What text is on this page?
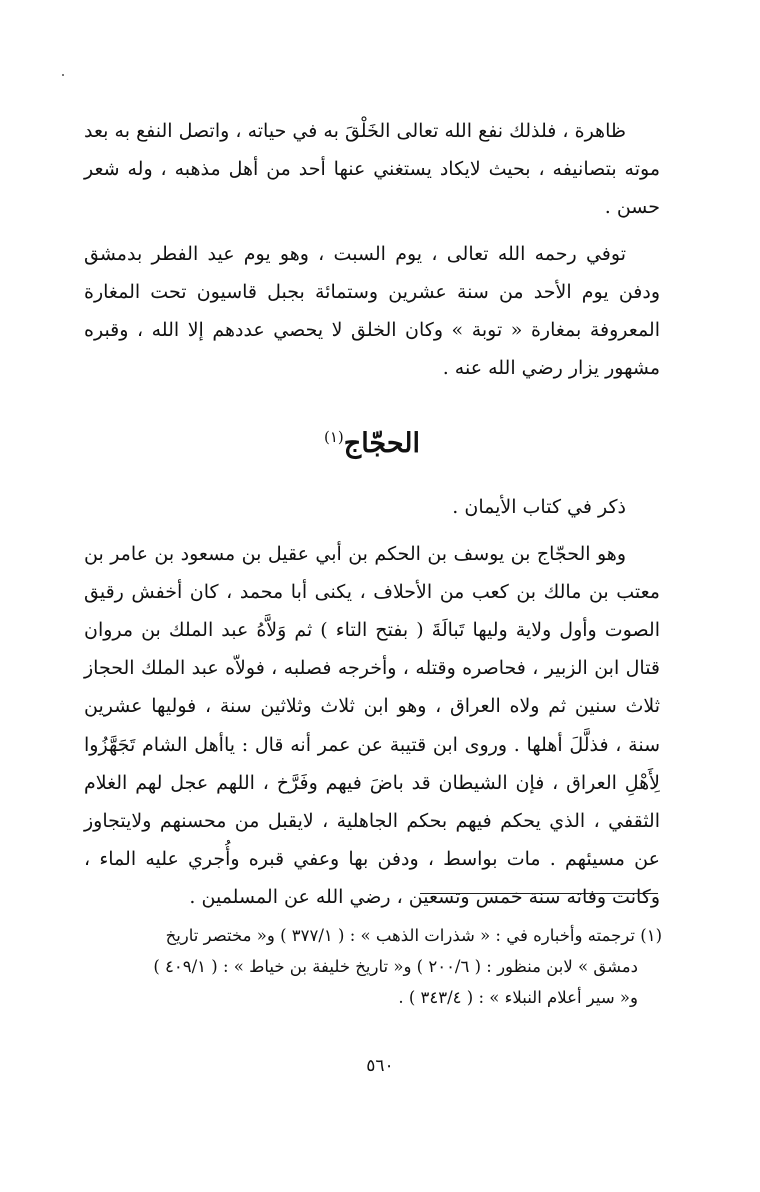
ظاهرة ، فلذلك نفع الله تعالى الخَلْقَ به في حياته ، واتصل النفع به بعد موته بتصانيفه ، بحيث لايكاد يستغني عنها أحد من أهل مذهبه ، وله شعر حسن .

توفي رحمه الله تعالى ، يوم السبت ، وهو يوم عيد الفطر بدمشق ودفن يوم الأحد من سنة عشرين وستمائة بجبل قاسيون تحت المغارة المعروفة بمغارة « توبة » وكان الخلق لا يحصي عددهم إلا الله ، وقبره مشهور يزار رضي الله عنه .

الحجّاج$^{(١)}$

ذكر في كتاب الأيمان .

وهو الحجّاج بن يوسف بن الحكم بن أبي عقيل بن مسعود بن عامر بن معتب بن مالك بن كعب من الأحلاف ، يكنى أبا محمد ، كان أخفش رقيق الصوت وأول ولاية وليها تَبالَةَ ( بفتح التاء ) ثم وَلاَّهُ عبد الملك بن مروان قتال ابن الزبير ، فحاصره وقتله ، وأخرجه فصلبه ، فولاّه عبد الملك الحجاز ثلاث سنين ثم ولاه العراق ، وهو ابن ثلاث وثلاثين سنة ، فوليها عشرين سنة ، فذلَّلَ أهلها . وروى ابن قتيبة عن عمر أنه قال : ياأهل الشام تَجَهَّزُوا لِأَهْلِ العراق ، فإن الشيطان قد باضَ فيهم وفَرَّخ ، اللهم عجل لهم الغلام الثقفي ، الذي يحكم فيهم بحكم الجاهلية ، لايقبل من محسنهم ولايتجاوز عن مسيئهم . مات بواسط ، ودفن بها وعفي قبره وأُجري عليه الماء ، وكانت وفاته سنة خمس وتسعين ، رضي الله عن المسلمين .

(١) ترجمته وأخباره في : « شذرات الذهب » : ( ٣٧٧/١ ) و« مختصر تاريخ
دمشق » لابن منظور : ( ٢٠٠/٦ ) و« تاريخ خليفة بن خياط » : ( ٤٠٩/١ )
و« سير أعلام النبلاء » : ( ٣٤٣/٤ ) .
٥٦٠
